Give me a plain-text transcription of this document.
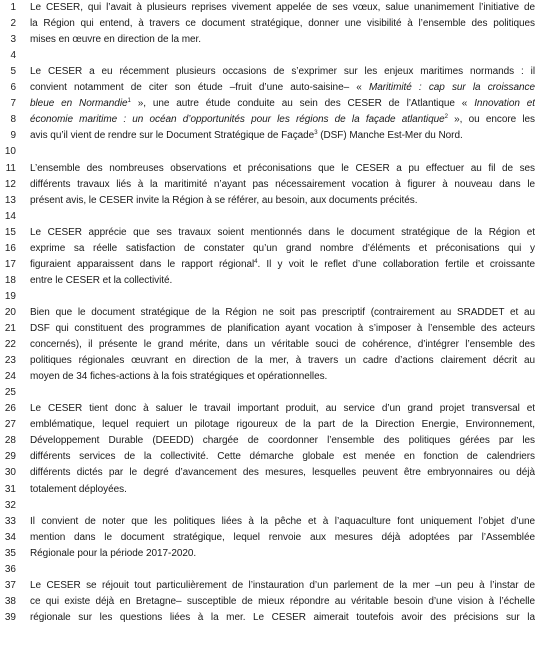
1 Le CESER, qui l’avait à plusieurs reprises vivement appelée de ses vœux, salue unanimement l’initiative de
2 la Région qui entend, à travers ce document stratégique, donner une visibilité à l’ensemble des politiques
3 mises en œuvre en direction de la mer.
4
5 Le CESER a eu récemment plusieurs occasions de s’exprimer sur les enjeux maritimes normands : il
6 convient notamment de citer son étude –fruit d’une auto-saisine– « Maritimité : cap sur la croissance
7 bleue en Normandie$^1$ », une autre étude conduite au sein des CESER de l’Atlantique « Innovation et
8 économie maritime : un océan d’opportunités pour les régions de la façade atlantique$^2$ », ou encore les
9 avis qu’il vient de rendre sur le Document Stratégique de Façade$^3$ (DSF) Manche Est-Mer du Nord.
10
11 L’ensemble des nombreuses observations et préconisations que le CESER a pu effectuer au fil de ses
12 différents travaux liés à la maritimité n’ayant pas nécessairement vocation à figurer à nouveau dans le
13 présent avis, le CESER invite la Région à se référer, au besoin, aux documents précités.
14
15 Le CESER apprécie que ses travaux soient mentionnés dans le document stratégique de la Région et
16 exprime sa réelle satisfaction de constater qu’un grand nombre d’éléments et préconisations qui y
17 figuraient apparaissent dans le rapport régional$^4$. Il y voit le reflet d’une collaboration fertile et croissante
18 entre le CESER et la collectivité.
19
20 Bien que le document stratégique de la Région ne soit pas prescriptif (contrairement au SRADDET et au
21 DSF qui constituent des programmes de planification ayant vocation à s’imposer à l’ensemble des acteurs
22 concernés), il présente le grand mérite, dans un véritable souci de cohérence, d’intégrer l’ensemble des
23 politiques régionales œuvrant en direction de la mer, à travers un cadre d’actions clairement décrit au
24 moyen de 34 fiches-actions à la fois stratégiques et opérationnelles.
25
26 Le CESER tient donc à saluer le travail important produit, au service d’un grand projet transversal et
27 emblématique, lequel requiert un pilotage rigoureux de la part de la Direction Energie, Environnement,
28 Développement Durable (DEEDD) chargée de coordonner l’ensemble des politiques gérées par les
29 différents services de la collectivité. Cette démarche globale est menée en fonction de calendriers
30 différents dictés par le degré d’avancement des mesures, lesquelles peuvent être embryonnaires ou déjà
31 totalement déployées.
32
33 Il convient de noter que les politiques liées à la pêche et à l’aquaculture font uniquement l’objet d’une
34 mention dans le document stratégique, lequel renvoie aux mesures déjà adoptées par l’Assemblée
35 Régionale pour la période 2017-2020.
36
37 Le CESER se réjouit tout particulièrement de l’instauration d’un parlement de la mer –un peu à l’instar de
38 ce qui existe déjà en Bretagne– susceptible de mieux répondre au véritable besoin d’une vision à l’échelle
39 régionale sur les questions liées à la mer. Le CESER aimerait toutefois avoir des précisions sur la
